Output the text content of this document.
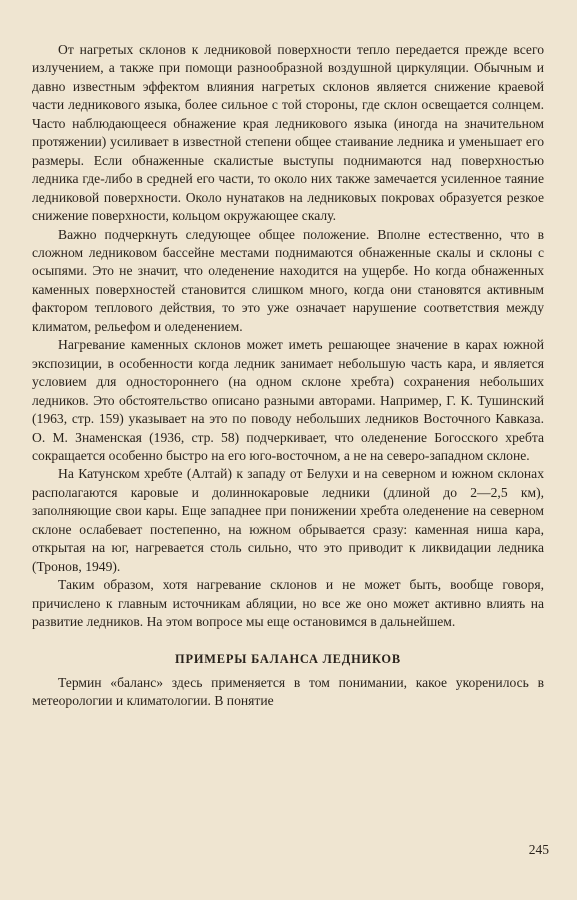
От нагретых склонов к ледниковой поверхности тепло передается прежде всего излучением, а также при помощи разнообразной воздушной циркуляции. Обычным и давно известным эффектом влияния нагретых склонов является снижение краевой части ледникового языка, более сильное с той стороны, где склон освещается солнцем. Часто наблюдающееся обнажение края ледникового языка (иногда на значительном протяжении) усиливает в известной степени общее стаивание ледника и уменьшает его размеры. Если обнаженные скалистые выступы поднимаются над поверхностью ледника где-либо в средней его части, то около них также замечается усиленное таяние ледниковой поверхности. Около нунатаков на ледниковых покровах образуется резкое снижение поверхности, кольцом окружающее скалу.

Важно подчеркнуть следующее общее положение. Вполне естественно, что в сложном ледниковом бассейне местами поднимаются обнаженные скалы и склоны с осыпями. Это не значит, что оледенение находится на ущербе. Но когда обнаженных каменных поверхностей становится слишком много, когда они становятся активным фактором теплового действия, то это уже означает нарушение соответствия между климатом, рельефом и оледенением.

Нагревание каменных склонов может иметь решающее значение в карах южной экспозиции, в особенности когда ледник занимает небольшую часть кара, и является условием для одностороннего (на одном склоне хребта) сохранения небольших ледников. Это обстоятельство описано разными авторами. Например, Г. К. Тушинский (1963, стр. 159) указывает на это по поводу небольших ледников Восточного Кавказа. О. М. Знаменская (1936, стр. 58) подчеркивает, что оледенение Богосского хребта сокращается особенно быстро на его юго-восточном, а не на северо-западном склоне.

На Катунском хребте (Алтай) к западу от Белухи и на северном и южном склонах располагаются каровые и долиннокаровые ледники (длиной до 2—2,5 км), заполняющие свои кары. Еще западнее при понижении хребта оледенение на северном склоне ослабевает постепенно, на южном обрывается сразу: каменная ниша кара, открытая на юг, нагревается столь сильно, что это приводит к ликвидации ледника (Тронов, 1949).

Таким образом, хотя нагревание склонов и не может быть, вообще говоря, причислено к главным источникам абляции, но все же оно может активно влиять на развитие ледников. На этом вопросе мы еще остановимся в дальнейшем.

ПРИМЕРЫ БАЛАНСА ЛЕДНИКОВ

Термин «баланс» здесь применяется в том понимании, какое укоренилось в метеорологии и климатологии. В понятие

245
